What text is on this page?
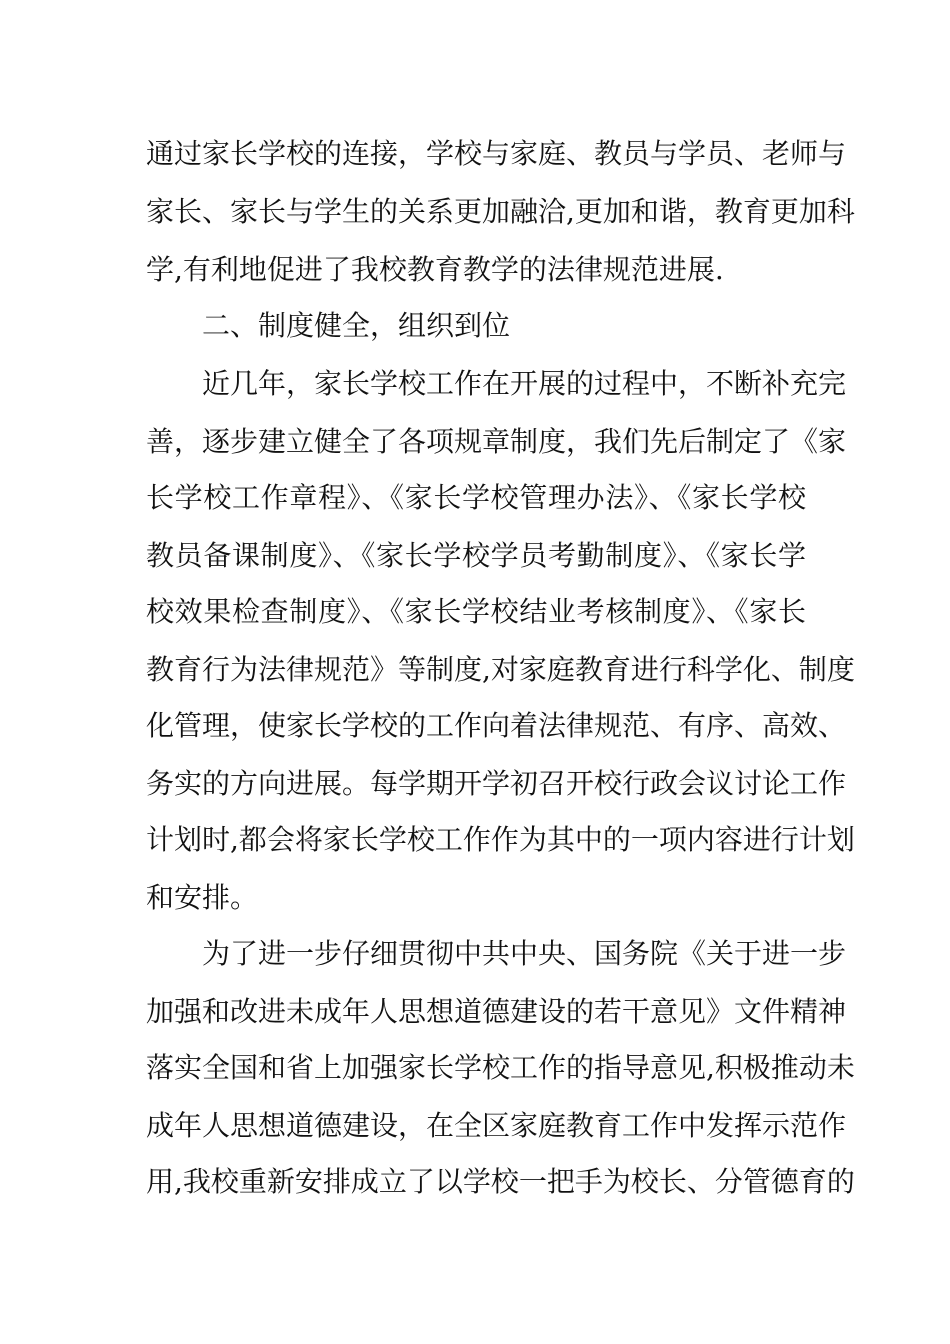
通过家长学校的连接，学校与家庭、教员与学员、老师与
家长、家长与学生的关系更加融洽,更加和谐，教育更加科
学,有利地促进了我校教育教学的法律规范进展.
二、制度健全，组织到位
近几年，家长学校工作在开展的过程中，不断补充完
善，逐步建立健全了各项规章制度，我们先后制定了《家
长学校工作章程》、《家长学校管理办法》、《家长学校
教员备课制度》、《家长学校学员考勤制度》、《家长学
校效果检查制度》、《家长学校结业考核制度》、《家长
教育行为法律规范》等制度,对家庭教育进行科学化、制度
化管理，使家长学校的工作向着法律规范、有序、高效、
务实的方向进展。每学期开学初召开校行政会议讨论工作
计划时,都会将家长学校工作作为其中的一项内容进行计划
和安排。
为了进一步仔细贯彻中共中央、国务院《关于进一步
加强和改进未成年人思想道德建设的若干意见》文件精神
落实全国和省上加强家长学校工作的指导意见,积极推动未
成年人思想道德建设，在全区家庭教育工作中发挥示范作
用,我校重新安排成立了以学校一把手为校长、分管德育的
